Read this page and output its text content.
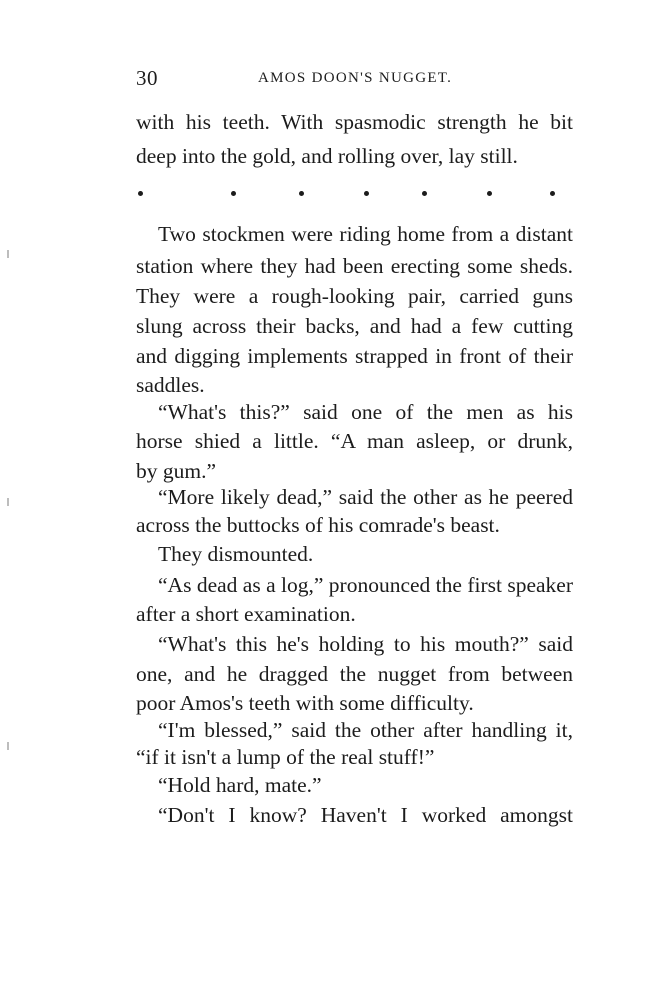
30	AMOS DOON'S NUGGET.
with his teeth. With spasmodic strength he bit
deep into the gold, and rolling over, lay still.
Two stockmen were riding home from a distant
station where they had been erecting some sheds.
They were a rough-looking pair, carried guns
slung across their backs, and had a few cutting
and digging implements strapped in front of their
saddles.
“What's this?” said one of the men as his
horse shied a little. “A man asleep, or drunk,
by gum.”
“More likely dead,” said the other as he peered
across the buttocks of his comrade's beast.
They dismounted.
“As dead as a log,” pronounced the first speaker
after a short examination.
“What's this he's holding to his mouth?” said
one, and he dragged the nugget from between
poor Amos's teeth with some difficulty.
“I'm blessed,” said the other after handling it,
“if it isn't a lump of the real stuff!”
“Hold hard, mate.”
“Don't I know? Haven't I worked amongst
